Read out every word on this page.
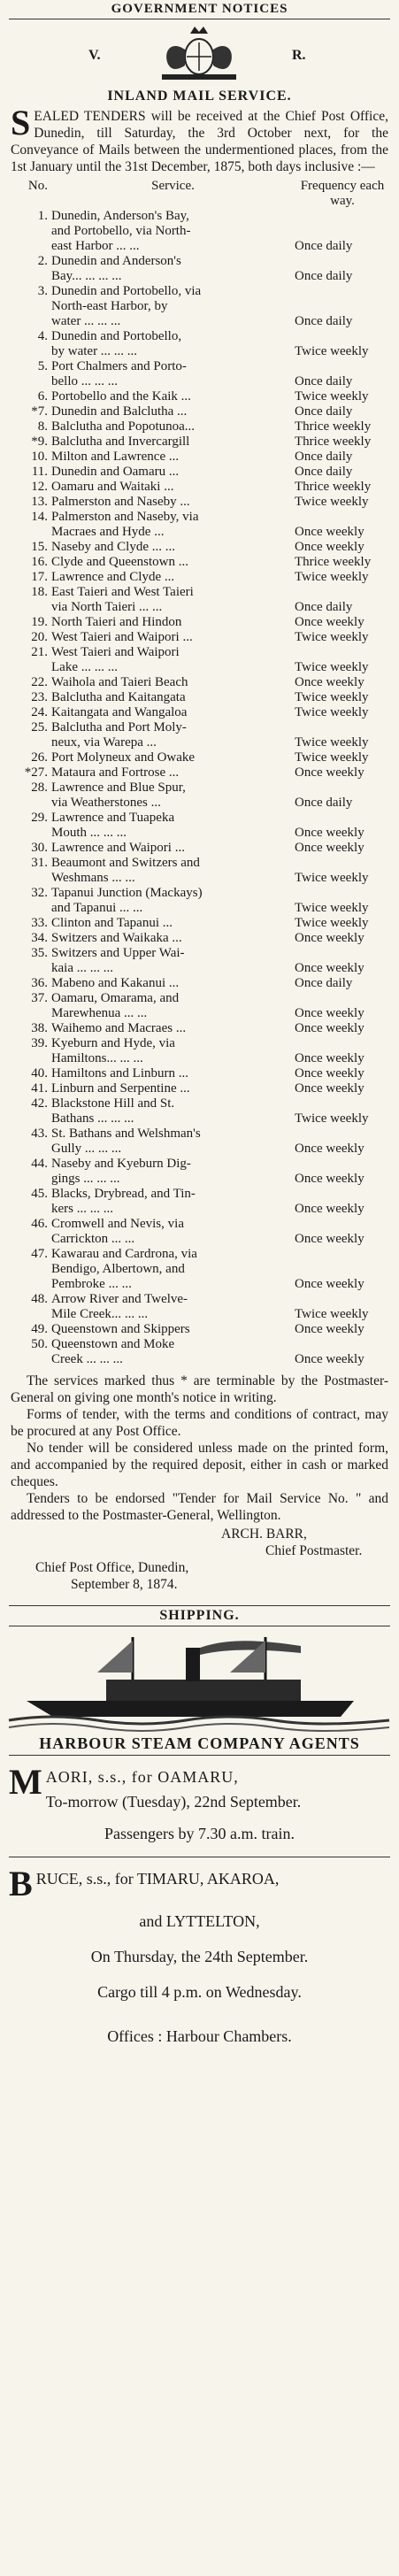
GOVERNMENT NOTICES
V.	R.
INLAND MAIL SERVICE.
S EALED TENDERS will be received at the Chief Post Office, Dunedin, till Saturday, the 3rd October next, for the Conveyance of Mails between the undermentioned places, from the 1st January until the 31st December, 1875, both days inclusive :—
No.	Service.	Frequency each way.
1.	Dunedin, Anderson's Bay,	
	and Portobello, via North-	
	east Harbor ... ...	Once daily
2.	Dunedin and Anderson's	
	Bay... ... ... ...	Once daily
3.	Dunedin and Portobello, via	
	North-east Harbor, by	
	water ... ... ...	Once daily
4.	Dunedin and Portobello,	
	by water ... ... ...	Twice weekly
5.	Port Chalmers and Porto-	
	bello ... ... ...	Once daily
6.	Portobello and the Kaik ...	Twice weekly
*7.	Dunedin and Balclutha ...	Once daily
8.	Balclutha and Popotunoa...	Thrice weekly
*9.	Balclutha and Invercargill	Thrice weekly
10.	Milton and Lawrence ...	Once daily
11.	Dunedin and Oamaru ...	Once daily
12.	Oamaru and Waitaki ...	Thrice weekly
13.	Palmerston and Naseby ...	Twice weekly
14.	Palmerston and Naseby, via	
	Macraes and Hyde ...	Once weekly
15.	Naseby and Clyde ... ...	Once weekly
16.	Clyde and Queenstown ...	Thrice weekly
17.	Lawrence and Clyde ...	Twice weekly
18.	East Taieri and West Taieri	
	via North Taieri ... ...	Once daily
19.	North Taieri and Hindon	Once weekly
20.	West Taieri and Waipori ...	Twice weekly
21.	West Taieri and Waipori	
	Lake ... ... ...	Twice weekly
22.	Waihola and Taieri Beach	Once weekly
23.	Balclutha and Kaitangata	Twice weekly
24.	Kaitangata and Wangaloa	Twice weekly
25.	Balclutha and Port Moly-	
	neux, via Warepa ...	Twice weekly
26.	Port Molyneux and Owake	Twice weekly
*27.	Mataura and Fortrose ...	Once weekly
28.	Lawrence and Blue Spur,	
	via Weatherstones ...	Once daily
29.	Lawrence and Tuapeka	
	Mouth ... ... ...	Once weekly
30.	Lawrence and Waipori ...	Once weekly
31.	Beaumont and Switzers and	
	Weshmans ... ...	Twice weekly
32.	Tapanui Junction (Mackays)	
	and Tapanui ... ...	Twice weekly
33.	Clinton and Tapanui ...	Twice weekly
34.	Switzers and Waikaka ...	Once weekly
35.	Switzers and Upper Wai-	
	kaia ... ... ...	Once weekly
36.	Mabeno and Kakanui ...	Once daily
37.	Oamaru, Omarama, and	
	Marewhenua ... ...	Once weekly
38.	Waihemo and Macraes ...	Once weekly
39.	Kyeburn and Hyde, via	
	Hamiltons... ... ...	Once weekly
40.	Hamiltons and Linburn ...	Once weekly
41.	Linburn and Serpentine ...	Once weekly
42.	Blackstone Hill and St.	
	Bathans ... ... ...	Twice weekly
43.	St. Bathans and Welshman's	
	Gully ... ... ...	Once weekly
44.	Naseby and Kyeburn Dig-	
	gings ... ... ...	Once weekly
45.	Blacks, Drybread, and Tin-	
	kers ... ... ...	Once weekly
46.	Cromwell and Nevis, via	
	Carrickton ... ...	Once weekly
47.	Kawarau and Cardrona, via	
	Bendigo, Albertown, and	
	Pembroke ... ...	Once weekly
48.	Arrow River and Twelve-	
	Mile Creek... ... ...	Twice weekly
49.	Queenstown and Skippers	Once weekly
50.	Queenstown and Moke	
	Creek ... ... ...	Once weekly
The services marked thus * are terminable by the Postmaster-General on giving one month's notice in writing.
Forms of tender, with the terms and conditions of contract, may be procured at any Post Office.
No tender will be considered unless made on the printed form, and accompanied by the required deposit, either in cash or marked cheques.
Tenders to be endorsed "Tender for Mail Service No. " and addressed to the Postmaster-General, Wellington.
ARCH. BARR,
Chief Postmaster.
Chief Post Office, Dunedin,
September 8, 1874.
SHIPPING.
HARBOUR STEAM COMPANY AGENTS
M AORI, s.s., for OAMARU,
To-morrow (Tuesday), 22nd September.
Passengers by 7.30 a.m. train.
B RUCE, s.s., for TIMARU, AKAROA,
and LYTTELTON,
On Thursday, the 24th September.
Cargo till 4 p.m. on Wednesday.
Offices : Harbour Chambers.
